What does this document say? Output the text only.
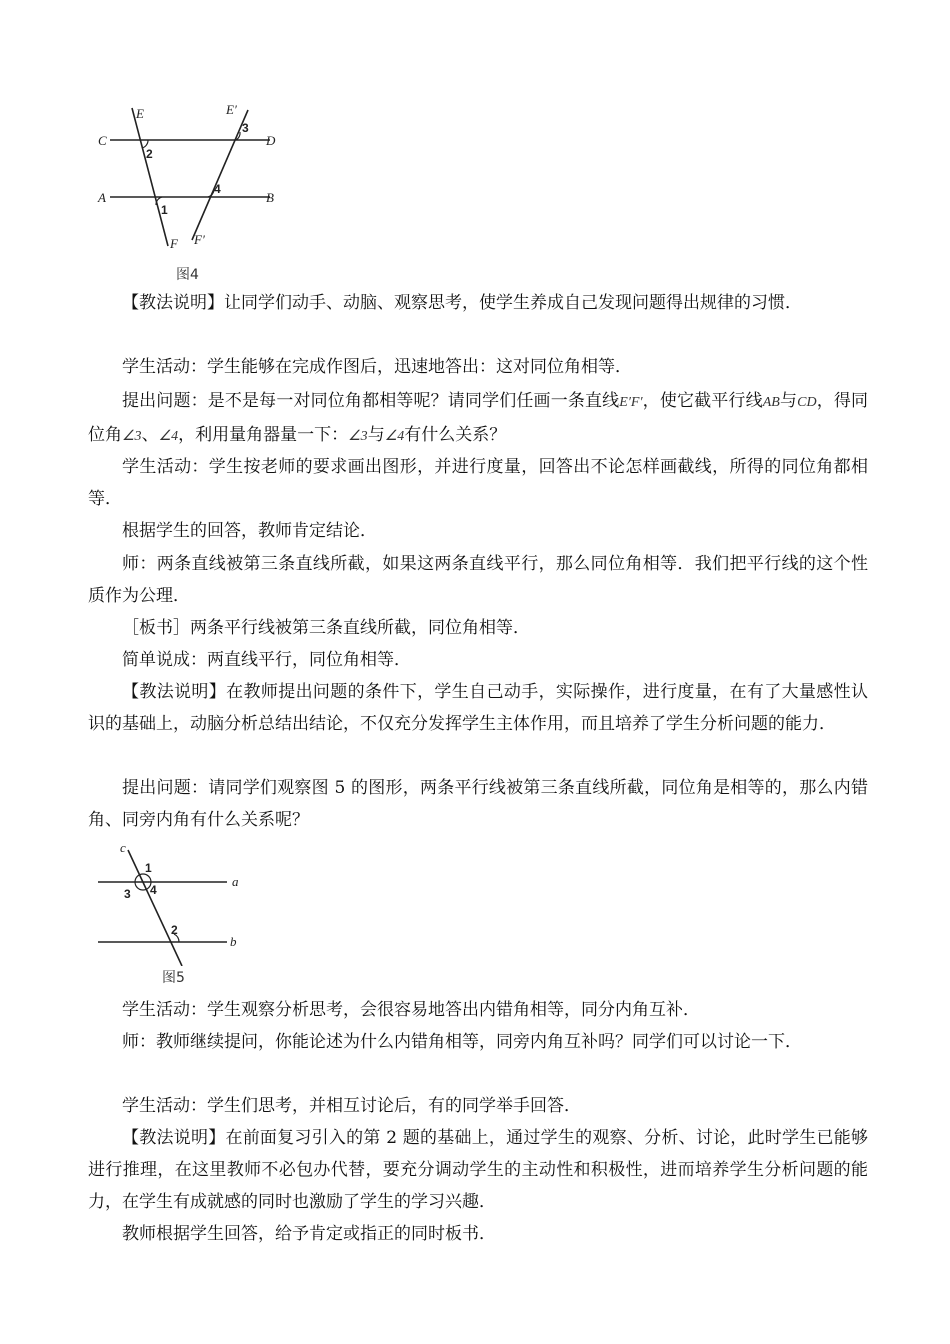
E	E′
C	D
A	B
F F′
2
1
3
4
图4

【教法说明】让同学们动手、动脑、观察思考，使学生养成自己发现问题得出规律的习惯．

学生活动：学生能够在完成作图后，迅速地答出：这对同位角相等．

提出问题：是不是每一对同位角都相等呢？请同学们任画一条直线E′F′，使它截平行线AB与CD，得同位角∠3、∠4，利用量角器量一下：∠3与∠4有什么关系？

学生活动：学生按老师的要求画出图形，并进行度量，回答出不论怎样画截线，所得的同位角都相等．

根据学生的回答，教师肯定结论．

师：两条直线被第三条直线所截，如果这两条直线平行，那么同位角相等．我们把平行线的这个性质作为公理．

［板书］两条平行线被第三条直线所截，同位角相等．

简单说成：两直线平行，同位角相等．

【教法说明】在教师提出问题的条件下，学生自己动手，实际操作，进行度量，在有了大量感性认识的基础上，动脑分析总结出结论，不仅充分发挥学生主体作用，而且培养了学生分析问题的能力．

提出问题：请同学们观察图 5 的图形，两条平行线被第三条直线所截，同位角是相等的，那么内错角、同旁内角有什么关系呢？

c
a
b
1
3 4
2
图5

学生活动：学生观察分析思考，会很容易地答出内错角相等，同分内角互补．

师：教师继续提问，你能论述为什么内错角相等，同旁内角互补吗？同学们可以讨论一下．

学生活动：学生们思考，并相互讨论后，有的同学举手回答．

【教法说明】在前面复习引入的第 2 题的基础上，通过学生的观察、分析、讨论，此时学生已能够进行推理，在这里教师不必包办代替，要充分调动学生的主动性和积极性，进而培养学生分析问题的能力，在学生有成就感的同时也激励了学生的学习兴趣．

教师根据学生回答，给予肯定或指正的同时板书．
